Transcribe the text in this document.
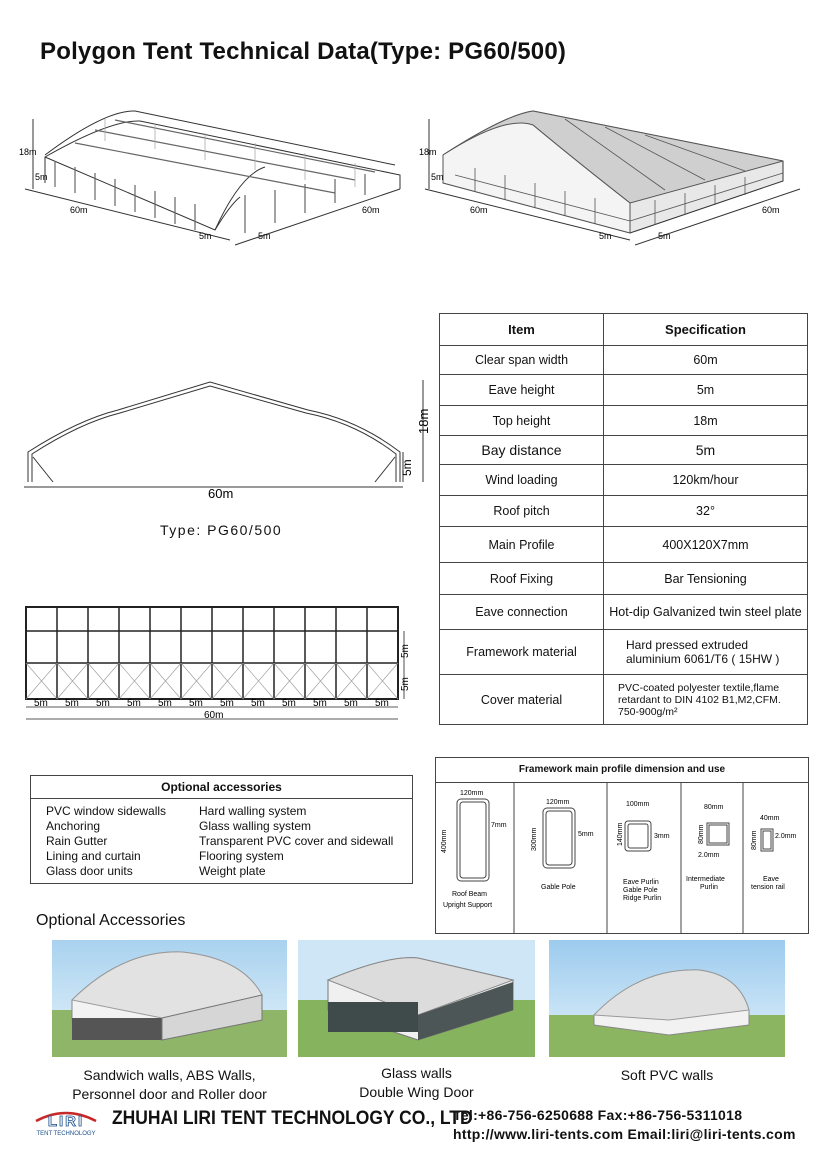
Polygon Tent Technical Data(Type: PG60/500)
18m
5m
60m	60m
5m	5m
18m
5m
60m	60m
5m	5m
60m
18m
5m
Type: PG60/500
5m 5m 5m 5m 5m 5m 5m 5m 5m 5m 5m 5m
60m
5m
5m
Item	Specification
Clear span width	60m
Eave height	5m
Top height	18m
Bay distance	5m
Wind loading	120km/hour
Roof pitch	32°
Main Profile	400X120X7mm
Roof Fixing	Bar Tensioning
Eave connection	Hot-dip Galvanized twin steel plate
Framework material	Hard pressed extruded
aluminium 6061/T6 ( 15HW )
Cover material	PVC-coated polyester textile,flame
retardant to DIN 4102 B1,M2,CFM.
750-900g/m²
Optional accessories
PVC window sidewalls
Anchoring
Rain Gutter
Lining and curtain
Glass door units
Hard walling system
Glass walling system
Transparent PVC cover and sidewall
Flooring system
Weight plate
Framework main profile dimension and use
120mm
400mm
7mm
Roof Beam
Upright Support
120mm
300mm	5mm
Gable Pole
100mm
140mm	3mm
Eave Purlin
Gable Pole
Ridge Purlin
80mm
80mm
2.0mm
Intermediate
Purlin
40mm
80mm 2.0mm
Eave
tension rail
Optional Accessories
Sandwich walls, ABS Walls,
Personnel door and Roller door
Glass walls
Double Wing Door
Soft PVC walls
LIRI
TENT TECHNOLOGY
ZHUHAI LIRI TENT TECHNOLOGY CO., LTD
Tel:+86-756-6250688 Fax:+86-756-5311018
http://www.liri-tents.com Email:liri@liri-tents.com
